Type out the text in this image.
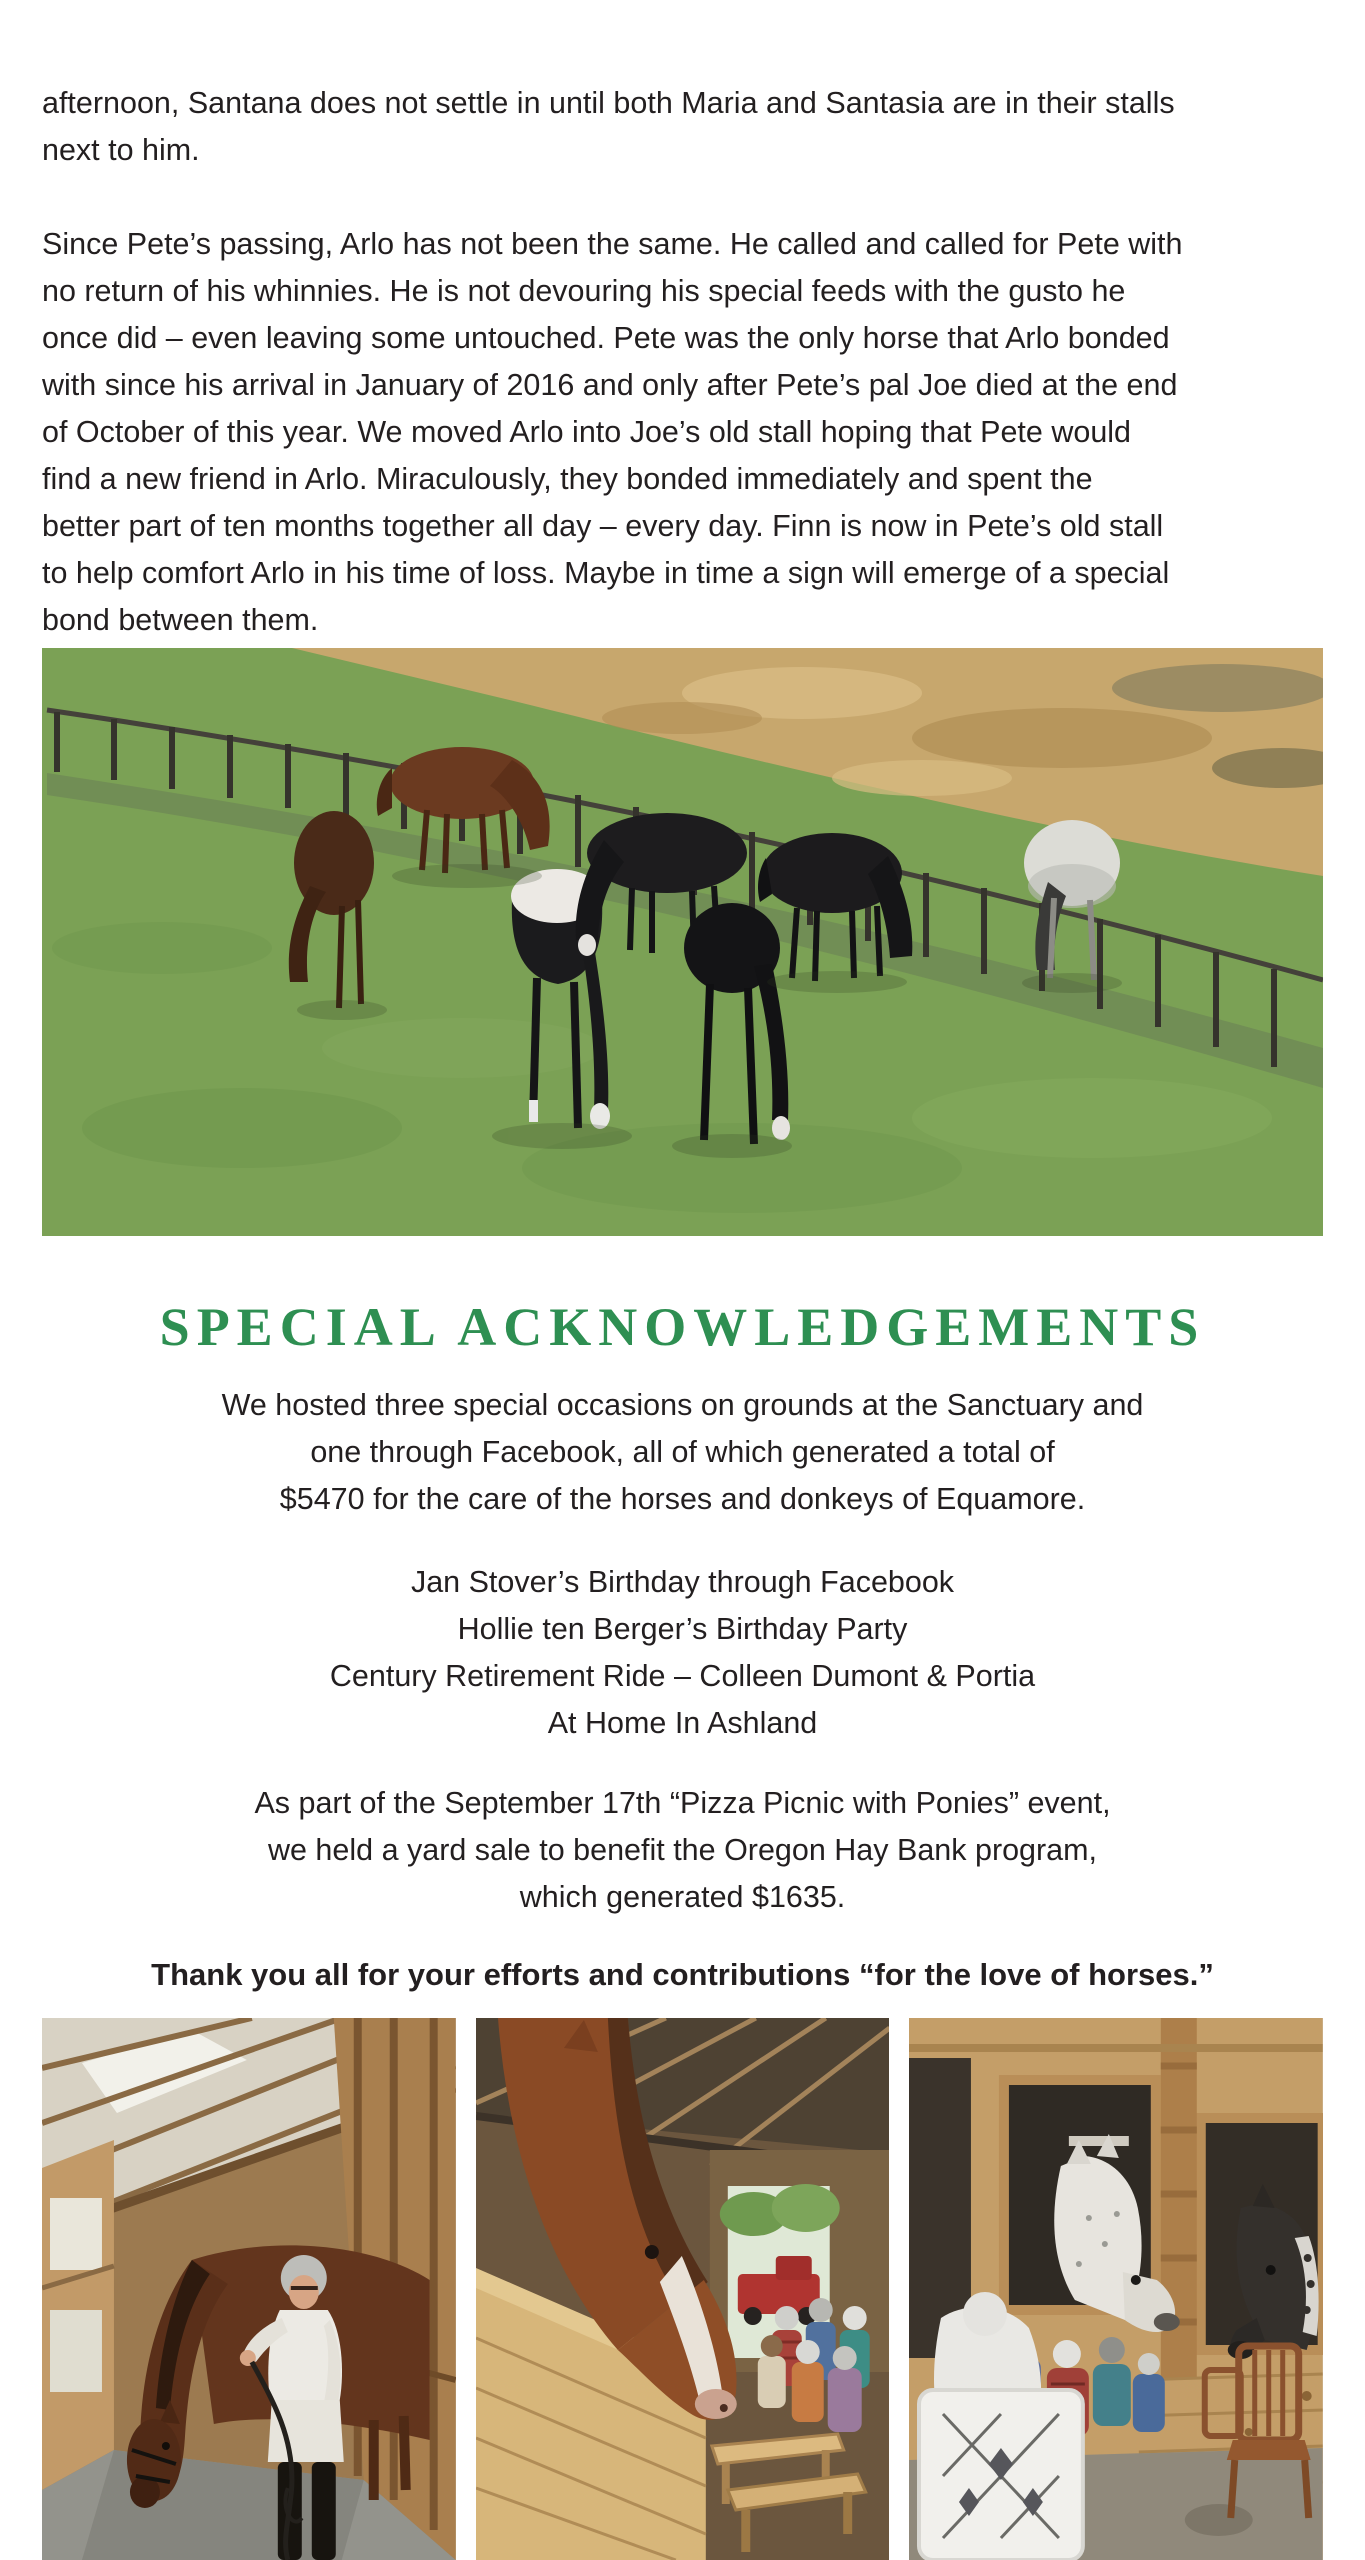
afternoon, Santana does not settle in until both Maria and Santasia are in their stalls
next to him.
Since Pete’s passing, Arlo has not been the same. He called and called for Pete with
no return of his whinnies. He is not devouring his special feeds with the gusto he
once did – even leaving some untouched. Pete was the only horse that Arlo bonded
with since his arrival in January of 2016 and only after Pete’s pal Joe died at the end
of October of this year. We moved Arlo into Joe’s old stall hoping that Pete would
find a new friend in Arlo. Miraculously, they bonded immediately and spent the
better part of ten months together all day – every day. Finn is now in Pete’s old stall
to help comfort Arlo in his time of loss. Maybe in time a sign will emerge of a special
bond between them.
SPECIAL ACKNOWLEDGEMENTS
We hosted three special occasions on grounds at the Sanctuary and
one through Facebook, all of which generated a total of
$5470 for the care of the horses and donkeys of Equamore.
Jan Stover’s Birthday through Facebook
Hollie ten Berger’s Birthday Party
Century Retirement Ride – Colleen Dumont & Portia
At Home In Ashland
As part of the September 17th “Pizza Picnic with Ponies” event,
we held a yard sale to benefit the Oregon Hay Bank program,
which generated $1635.
Thank you all for your efforts and contributions “for the love of horses.”
